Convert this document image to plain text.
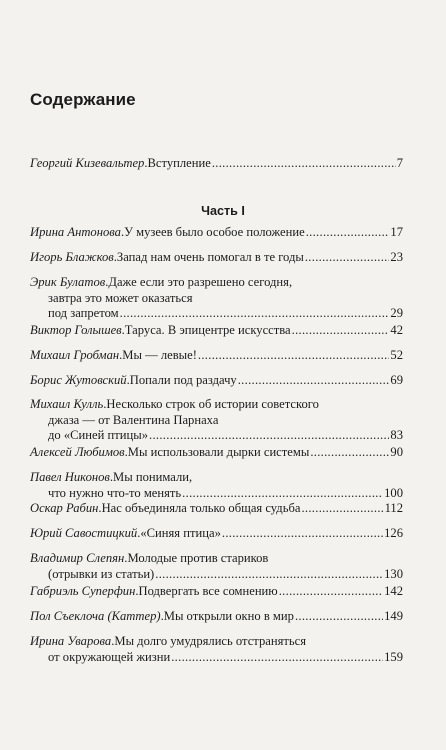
Содержание
Часть I
Георгий Кизевальтер . Вступление .....	7
Ирина Антонова . У музеев было особое положение .....	17
Игорь Блажков . Запад нам очень помогал в те годы .....	23
Эрик Булатов . Даже если это разрешено сегодня,
завтра это может оказаться
под запретом .....	29
Виктор Голышев . Таруса. В эпицентре искусства .....	42
Михаил Гробман . Мы — левые! .....	52
Борис Жутовский . Попали под раздачу .....	69
Михаил Кулль . Несколько строк об истории советского
джаза — от Валентина Парнаха
до «Синей птицы» .....	83
Алексей Любимов . Мы использовали дырки системы .....	90
Павел Никонов . Мы понимали,
что нужно что-то менять .....	100
Оскар Рабин . Нас объединяла только общая судьба .....	112
Юрий Савостицкий . «Синяя птица» .....	126
Владимир Слепян . Молодые против стариков
(отрывки из статьи) .....	130
Габриэль Суперфин . Подвергать все сомнению .....	142
Пол Съеклоча (Каттер) . Мы открыли окно в мир .....	149
Ирина Уварова . Мы долго умудрялись отстраняться
от окружающей жизни .....	159
